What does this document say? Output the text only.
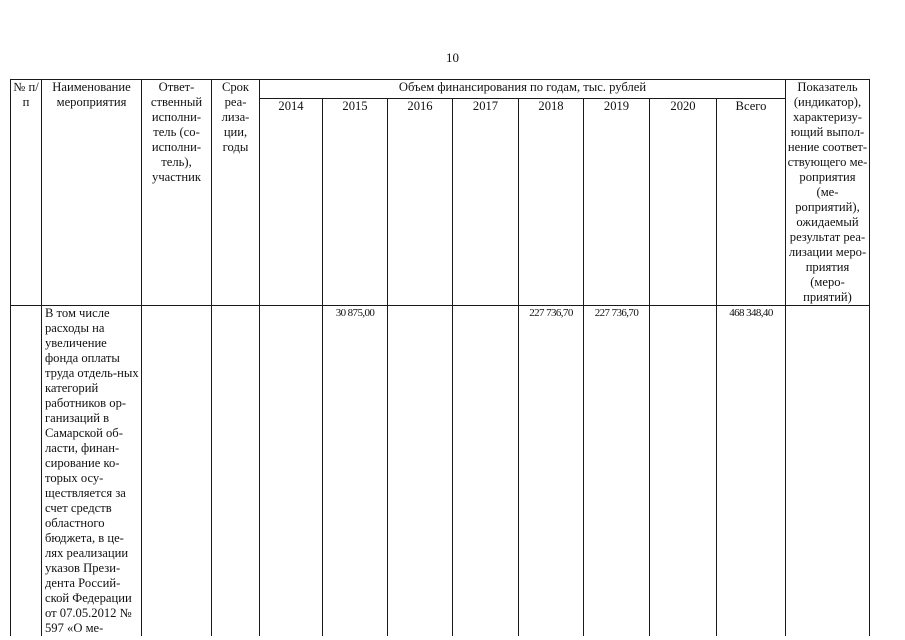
10
№ п/п	Наименование мероприятия	Ответ-ственный исполни-тель (со-исполни-тель), участник	Срок реа-лиза-ции, годы	Объем финансирования по годам, тыс. рублей								Показатель (индикатор), характеризу-ющий выпол-нение соответ-ствующего ме-роприятия (ме-роприятий), ожидаемый результат реа-лизации меро-приятия (меро-приятий)
				2014	2015	2016	2017	2018	2019	2020	Всего	
	В том числе расходы на увеличение фонда оплаты труда отдель-ных категорий работников ор-ганизаций в Самарской об-ласти, финан-сирование ко-торых осу-ществляется за счет средств областного бюджета, в це-лях реализации указов Прези-дента Россий-ской Федерации от 07.05.2012 № 597 «О ме-				30 875,00			227 736,70	227 736,70		468 348,40	
